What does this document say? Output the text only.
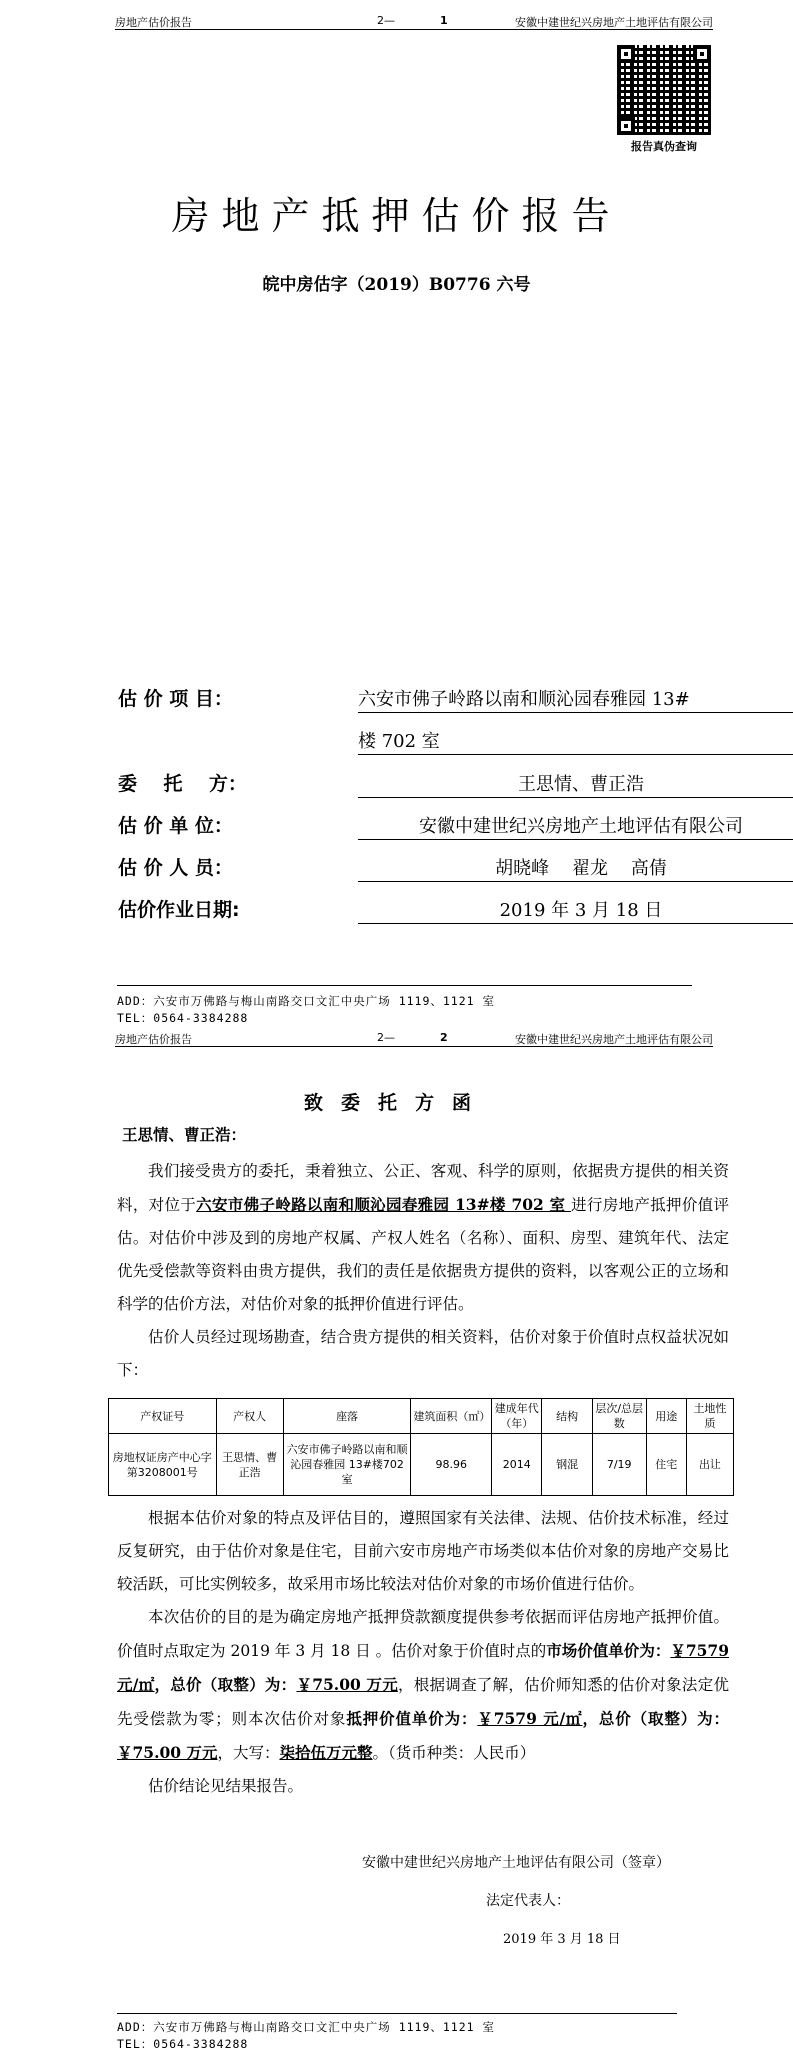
房地产估价报告	2—	1	安徽中建世纪兴房地产土地评估有限公司
报告真伪查询
房地产抵押估价报告
皖中房估字（2019）B0776 六号
估 价 项 目：	六安市佛子岭路以南和顺沁园春雅园 13#
楼 702 室
委    托    方：	王思情、曹正浩
估 价 单 位：	安徽中建世纪兴房地产土地评估有限公司
估 价 人 员：	胡晓峰    翟龙    高倩
估价作业日期:	2019 年 3 月 18 日
ADD：六安市万佛路与梅山南路交口文汇中央广场 1119、1121 室
TEL：0564-3384288
房地产估价报告	2—	2	安徽中建世纪兴房地产土地评估有限公司
致委托方函
王思情、曹正浩：

我们接受贵方的委托，秉着独立、公正、客观、科学的原则，依据贵方提供的相关资料，对位于六安市佛子岭路以南和顺沁园春雅园 13#楼 702 室 进行房地产抵押价值评估。对估价中涉及到的房地产权属、产权人姓名（名称）、面积、房型、建筑年代、法定优先受偿款等资料由贵方提供，我们的责任是依据贵方提供的资料，以客观公正的立场和科学的估价方法，对估价对象的抵押价值进行评估。

估价人员经过现场勘查，结合贵方提供的相关资料，估价对象于价值时点权益状况如下：

产权证号	产权人	座落	建筑面积（㎡）	建成年代（年）	结构	层次/总层数	用途	土地性质
房地权证房产中心字第3208001号	王思情、曹正浩	六安市佛子岭路以南和顺沁园春雅园 13#楼702 室	98.96	2014	钢混	7/19	住宅	出让

根据本估价对象的特点及评估目的，遵照国家有关法律、法规、估价技术标准，经过反复研究，由于估价对象是住宅，目前六安市房地产市场类似本估价对象的房地产交易比较活跃，可比实例较多，故采用市场比较法对估价对象的市场价值进行估价。

本次估价的目的是为确定房地产抵押贷款额度提供参考依据而评估房地产抵押价值。价值时点取定为 2019 年 3 月 18 日 。估价对象于价值时点的市场价值单价为：￥7579 元/㎡，总价（取整）为：￥75.00 万元，根据调查了解，估价师知悉的估价对象法定优先受偿款为零；则本次估价对象抵押价值单价为：￥7579 元/㎡，总价（取整）为：￥75.00 万元，大写：柒拾伍万元整。（货币种类：人民币）

估价结论见结果报告。

安徽中建世纪兴房地产土地评估有限公司（签章）
法定代表人：
2019 年 3 月 18 日
ADD：六安市万佛路与梅山南路交口文汇中央广场 1119、1121 室
TEL：0564-3384288
